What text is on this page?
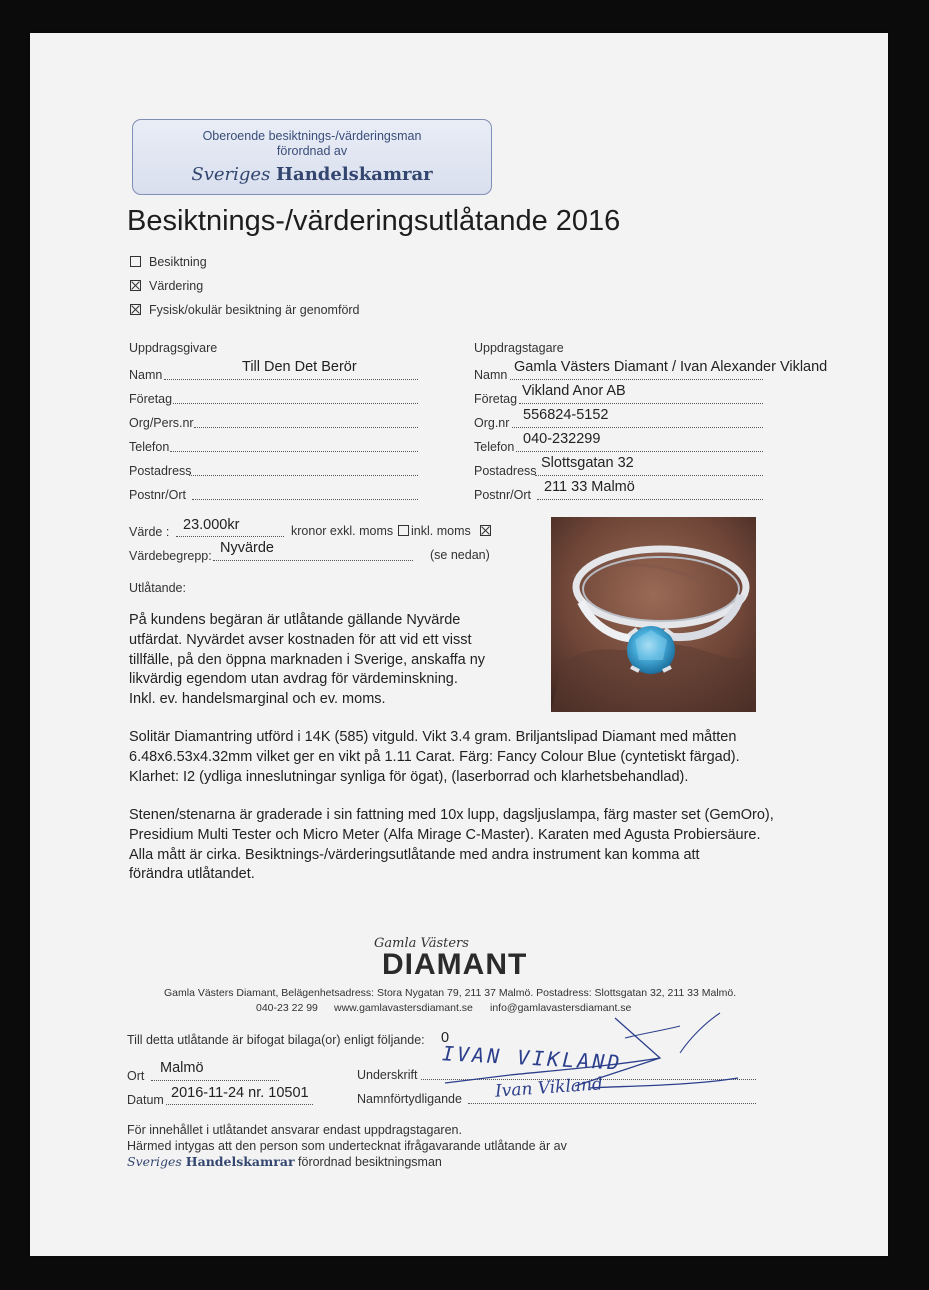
Oberoende besiktnings-/värderingsman
förordnad av
Sveriges Handelskamrar
Besiktnings-/värderingsutlåtande 2016
Besiktning
Värdering
Fysisk/okulär besiktning är genomförd
Uppdragsgivare
Namn	Till Den Det Berör
Företag
Org/Pers.nr
Telefon
Postadress
Postnr/Ort
Uppdragstagare
Namn Gamla Västers Diamant / Ivan Alexander Vikland
Företag Vikland Anor AB
Org.nr 556824-5152
Telefon 040-232299
Postadress Slottsgatan 32
Postnr/Ort 211 33 Malmö
Värde : 23.000kr	kronor exkl. moms	inkl. moms
Värdebegrepp: Nyvärde	(se nedan)
Utlåtande:
På kundens begäran är utlåtande gällande Nyvärde
utfärdat. Nyvärdet avser kostnaden för att vid ett visst
tillfälle, på den öppna marknaden i Sverige, anskaffa ny
likvärdig egendom utan avdrag för värdeminskning.
Inkl. ev. handelsmarginal och ev. moms.
Solitär Diamantring utförd i 14K (585) vitguld. Vikt 3.4 gram. Briljantslipad Diamant med måtten
6.48x6.53x4.32mm vilket ger en vikt på 1.11 Carat. Färg: Fancy Colour Blue (cyntetiskt färgad).
Klarhet: I2 (ydliga inneslutningar synliga för ögat), (laserborrad och klarhetsbehandlad).
Stenen/stenarna är graderade i sin fattning med 10x lupp, dagsljuslampa, färg master set (GemOro),
Presidium Multi Tester och Micro Meter (Alfa Mirage C-Master). Karaten med Agusta Probiersäure.
Alla mått är cirka. Besiktnings-/värderingsutlåtande med andra instrument kan komma att
förändra utlåtandet.
Gamla Västers
DIAMANT
Gamla Västers Diamant, Belägenhetsadress: Stora Nygatan 79, 211 37 Malmö. Postadress: Slottsgatan 32, 211 33 Malmö.
040-23 22 99 www.gamlavastersdiamant.se info@gamlavastersdiamant.se
Till detta utlåtande är bifogat bilaga(or) enligt följande: 0
Ort Malmö
Datum 2016-11-24 nr. 10501
Underskrift
IVAN VIKLAND
Namnförtydligande Ivan Vikland
För innehållet i utlåtandet ansvarar endast uppdragstagaren.
Härmed intygas att den person som undertecknat ifrågavarande utlåtande är av
Sveriges Handelskamrar förordnad besiktningsman
